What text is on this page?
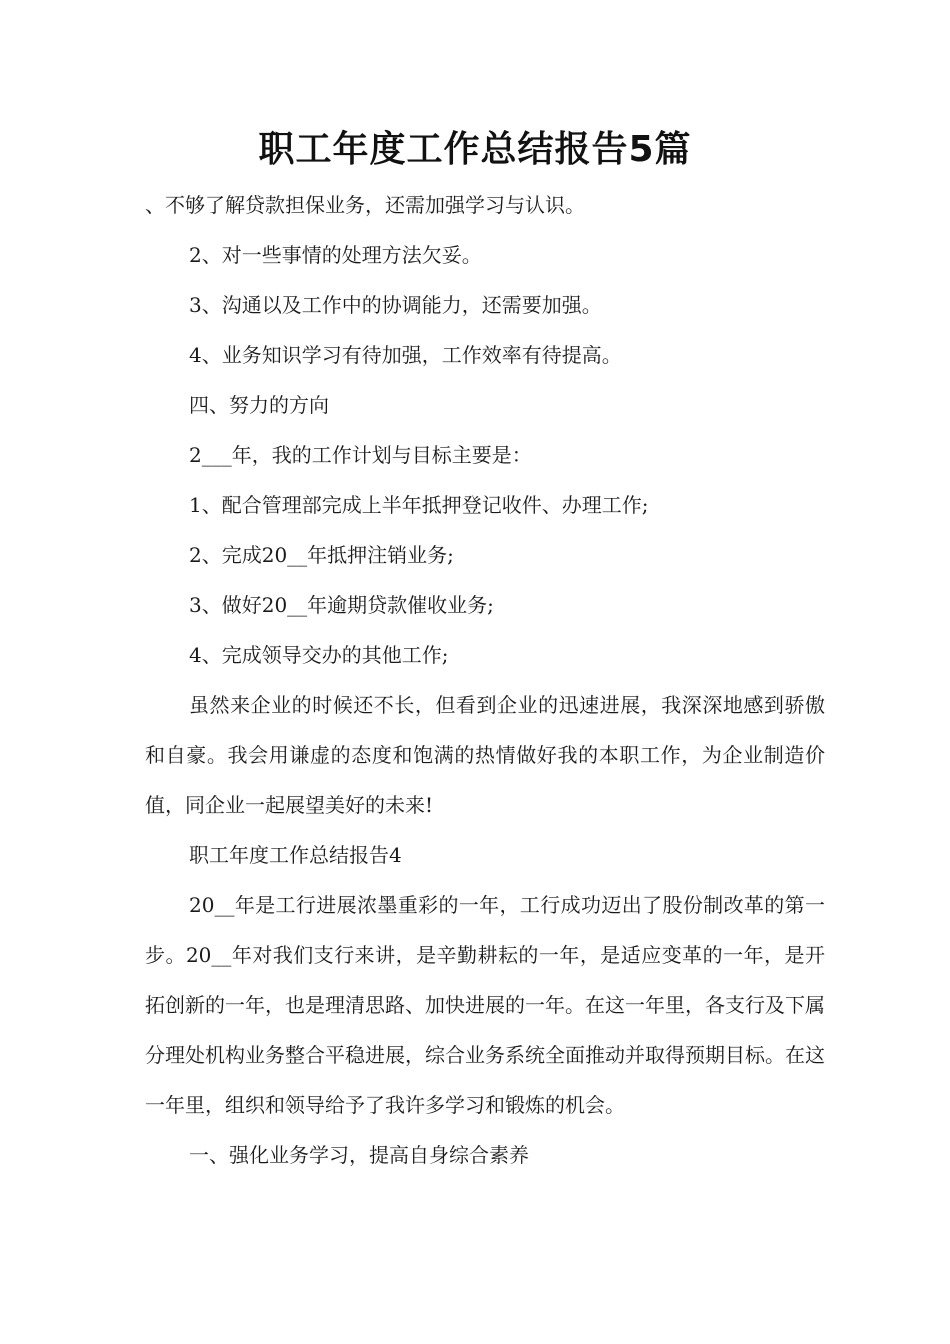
职工年度工作总结报告5篇

、不够了解贷款担保业务，还需加强学习与认识。

2、对一些事情的处理方法欠妥。

3、沟通以及工作中的协调能力，还需要加强。

4、业务知识学习有待加强，工作效率有待提高。

四、努力的方向

2___年，我的工作计划与目标主要是：

1、配合管理部完成上半年抵押登记收件、办理工作;

2、完成20__年抵押注销业务;

3、做好20__年逾期贷款催收业务;

4、完成领导交办的其他工作;

虽然来企业的时候还不长，但看到企业的迅速进展，我深深地感到骄傲和自豪。我会用谦虚的态度和饱满的热情做好我的本职工作，为企业制造价值，同企业一起展望美好的未来!

职工年度工作总结报告4

20__年是工行进展浓墨重彩的一年，工行成功迈出了股份制改革的第一步。20__年对我们支行来讲，是辛勤耕耘的一年，是适应变革的一年，是开拓创新的一年，也是理清思路、加快进展的一年。在这一年里，各支行及下属分理处机构业务整合平稳进展，综合业务系统全面推动并取得预期目标。在这一年里，组织和领导给予了我许多学习和锻炼的机会。

一、强化业务学习，提高自身综合素养
